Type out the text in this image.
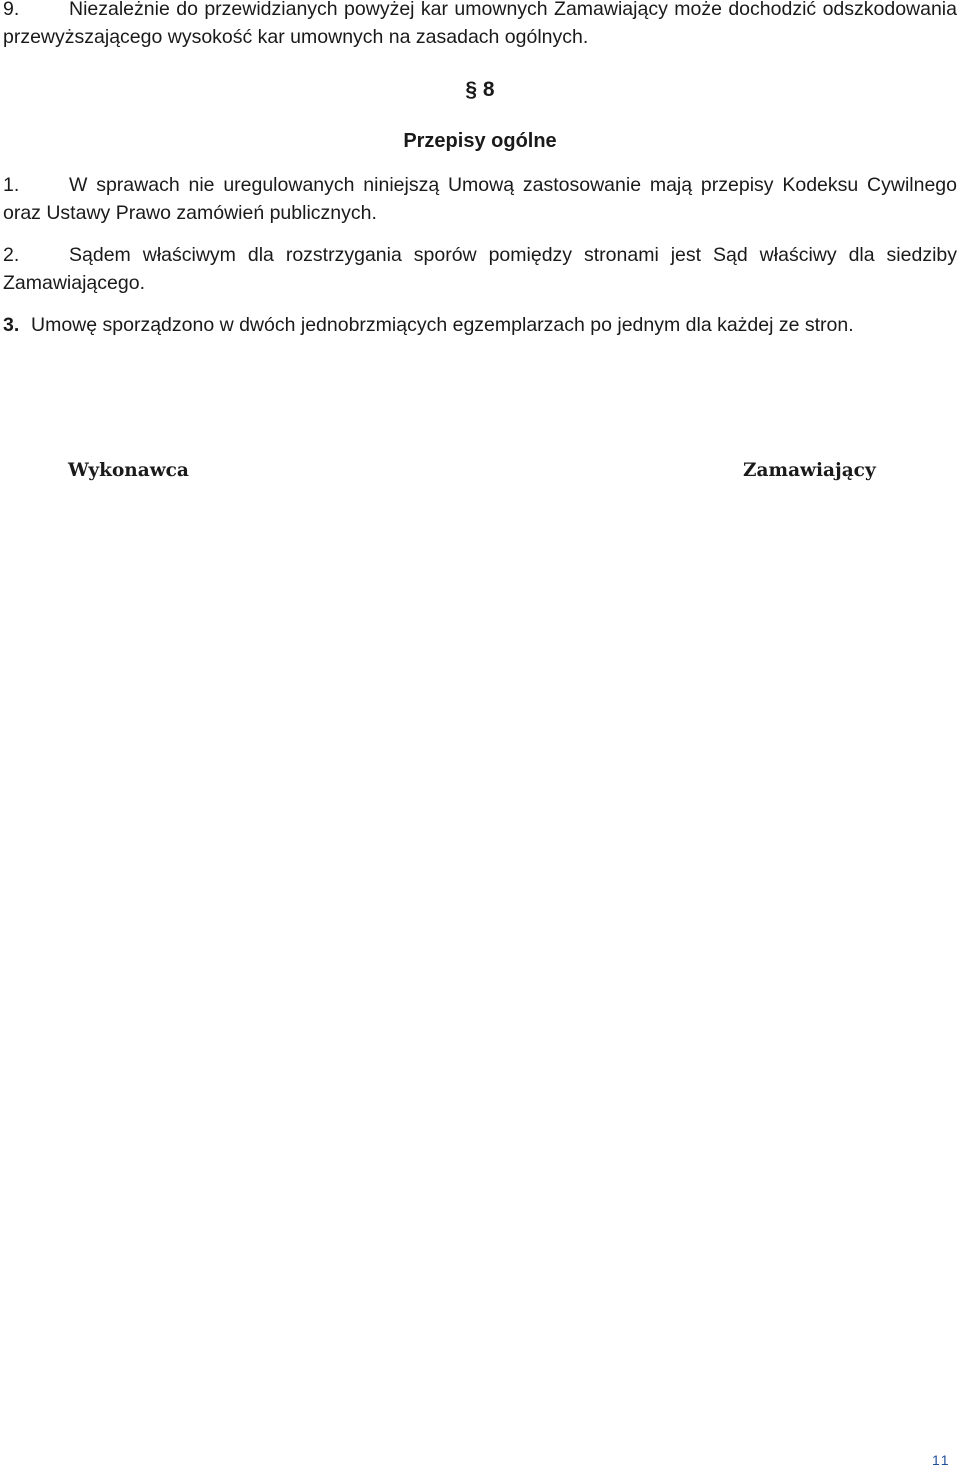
9.	Niezależnie do przewidzianych powyżej kar umownych Zamawiający może dochodzić odszkodowania przewyższającego wysokość kar umownych na zasadach ogólnych.

§ 8

Przepisy ogólne

1.	W sprawach nie uregulowanych niniejszą Umową zastosowanie mają przepisy Kodeksu Cywilnego oraz Ustawy Prawo zamówień publicznych.

2.	Sądem właściwym dla rozstrzygania sporów pomiędzy stronami jest Sąd właściwy dla siedziby Zamawiającego.

3. Umowę sporządzono w dwóch jednobrzmiących egzemplarzach po jednym dla każdej ze stron.

Wykonawca	Zamawiający

11
